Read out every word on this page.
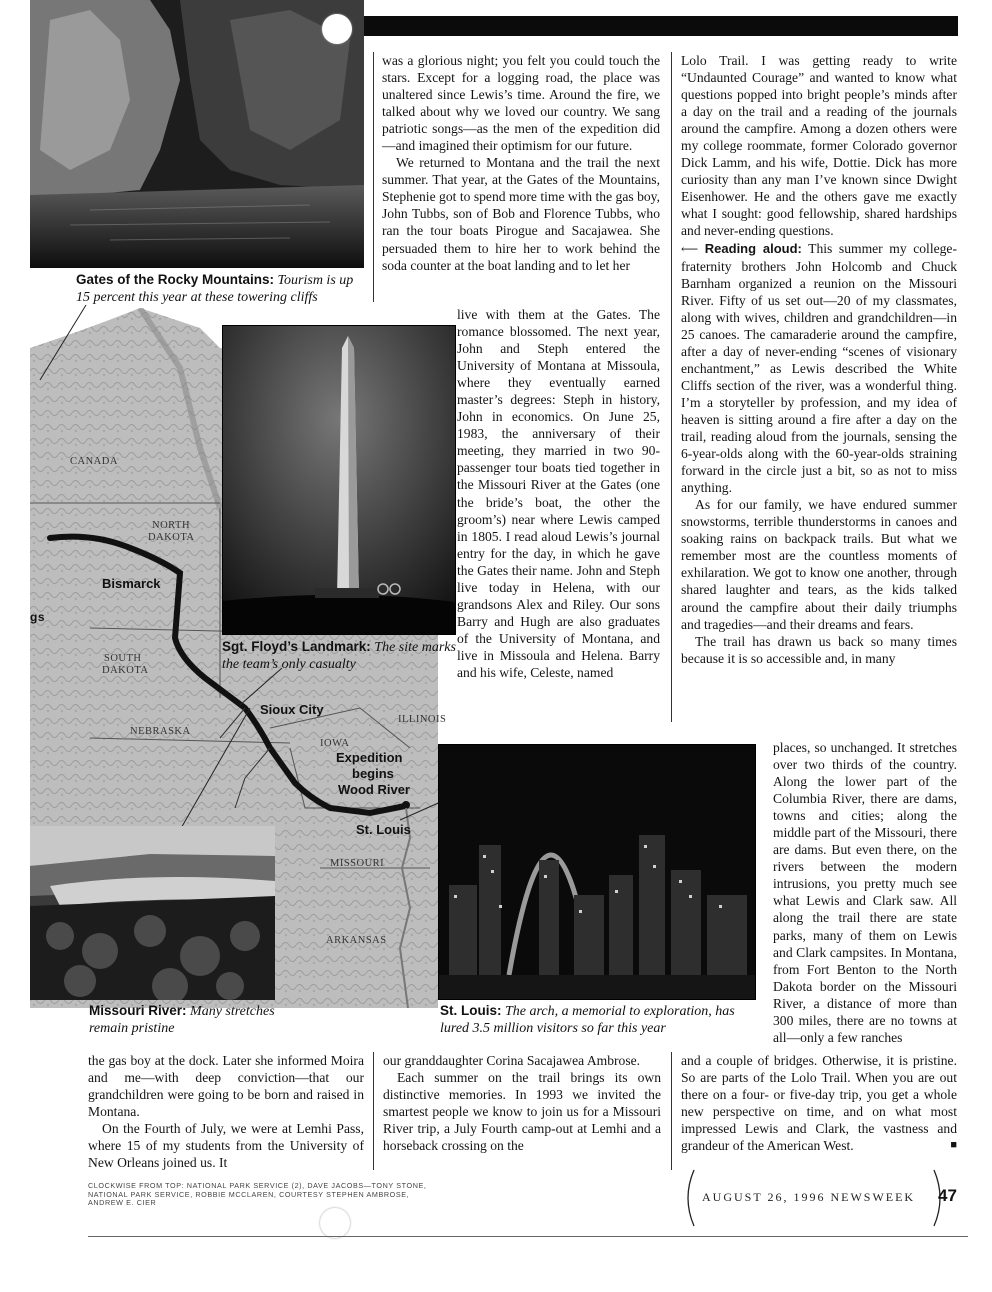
Gates of the Rocky Mountains: Tourism is up 15 percent this year at these towering cliffs
CANADA
NORTH
DAKOTA
SOUTH
DAKOTA
NEBRASKA
IOWA
ILLINOIS
MISSOURI
ARKANSAS
Bismarck
Sioux City
Expedition
begins
Wood River
St. Louis
gs
Sgt. Floyd’s Landmark: The site marks the team’s only casualty
Missouri River: Many stretches remain pristine
St. Louis: The arch, a memorial to exploration, has lured 3.5 million visitors so far this year

was a glorious night; you felt you could touch the stars. Except for a logging road, the place was unaltered since Lewis’s time. Around the fire, we talked about why we loved our country. We sang patriotic songs—as the men of the expedition did—and imagined their optimism for our future.

We returned to Montana and the trail the next summer. That year, at the Gates of the Mountains, Stephenie got to spend more time with the gas boy, John Tubbs, son of Bob and Florence Tubbs, who ran the tour boats Pirogue and Sacajawea. She persuaded them to hire her to work behind the soda counter at the boat landing and to let her

live with them at the Gates. The romance blossomed. The next year, John and Steph entered the University of Montana at Missoula, where they eventually earned master’s degrees: Steph in history, John in economics. On June 25, 1983, the anniversary of their meeting, they married in two 90-passenger tour boats tied together in the Missouri River at the Gates (one the bride’s boat, the other the groom’s) near where Lewis camped in 1805. I read aloud Lewis’s journal entry for the day, in which he gave the Gates their name. John and Steph live today in Helena, with our grandsons Alex and Riley. Our sons Barry and Hugh are also graduates of the University of Montana, and live in Missoula and Helena. Barry and his wife, Celeste, named

Lolo Trail. I was getting ready to write “Undaunted Courage” and wanted to know what questions popped into bright people’s minds after a day on the trail and a reading of the journals around the campfire. Among a dozen others were my college roommate, former Colorado governor Dick Lamm, and his wife, Dottie. Dick has more curiosity than any man I’ve known since Dwight Eisenhower. He and the others gave me exactly what I sought: good fellowship, shared hardships and never-ending questions.

⟵ Reading aloud: This summer my college-fraternity brothers John Holcomb and Chuck Barnham organized a reunion on the Missouri River. Fifty of us set out—20 of my classmates, along with wives, children and grandchildren—in 25 canoes. The camaraderie around the campfire, after a day of never-ending “scenes of visionary enchantment,” as Lewis described the White Cliffs section of the river, was a wonderful thing. I’m a storyteller by profession, and my idea of heaven is sitting around a fire after a day on the trail, reading aloud from the journals, sensing the 6-year-olds along with the 60-year-olds straining forward in the circle just a bit, so as not to miss anything.

As for our family, we have endured summer snowstorms, terrible thunderstorms in canoes and soaking rains on backpack trails. But what we remember most are the countless moments of exhilaration. We got to know one another, through shared laughter and tears, as the kids talked around the campfire about their daily triumphs and tragedies—and their dreams and fears.

The trail has drawn us back so many times because it is so accessible and, in many

places, so unchanged. It stretches over two thirds of the country. Along the lower part of the Columbia River, there are dams, towns and cities; along the middle part of the Missouri, there are dams. But even there, on the rivers between the modern intrusions, you pretty much see what Lewis and Clark saw. All along the trail there are state parks, many of them on Lewis and Clark campsites. In Montana, from Fort Benton to the North Dakota border on the Missouri River, a distance of more than 300 miles, there are no towns at all—only a few ranches

the gas boy at the dock. Later she informed Moira and me—with deep conviction—that our grandchildren were going to be born and raised in Montana.

On the Fourth of July, we were at Lemhi Pass, where 15 of my students from the University of New Orleans joined us. It

our granddaughter Corina Sacajawea Ambrose.

Each summer on the trail brings its own distinctive memories. In 1993 we invited the smartest people we know to join us for a Missouri River trip, a July Fourth camp-out at Lemhi and a horseback crossing on the

and a couple of bridges. Otherwise, it is pristine. So are parts of the Lolo Trail. When you are out there on a four- or five-day trip, you get a whole new perspective on time, and on what most impressed Lewis and Clark, the vastness and grandeur of the American West.	■

CLOCKWISE FROM TOP: NATIONAL PARK SERVICE (2), DAVE JACOBS—TONY STONE,
NATIONAL PARK SERVICE, ROBBIE MCCLAREN, COURTESY STEPHEN AMBROSE,
ANDREW E. CIER	AUGUST 26, 1996 NEWSWEEK 47
